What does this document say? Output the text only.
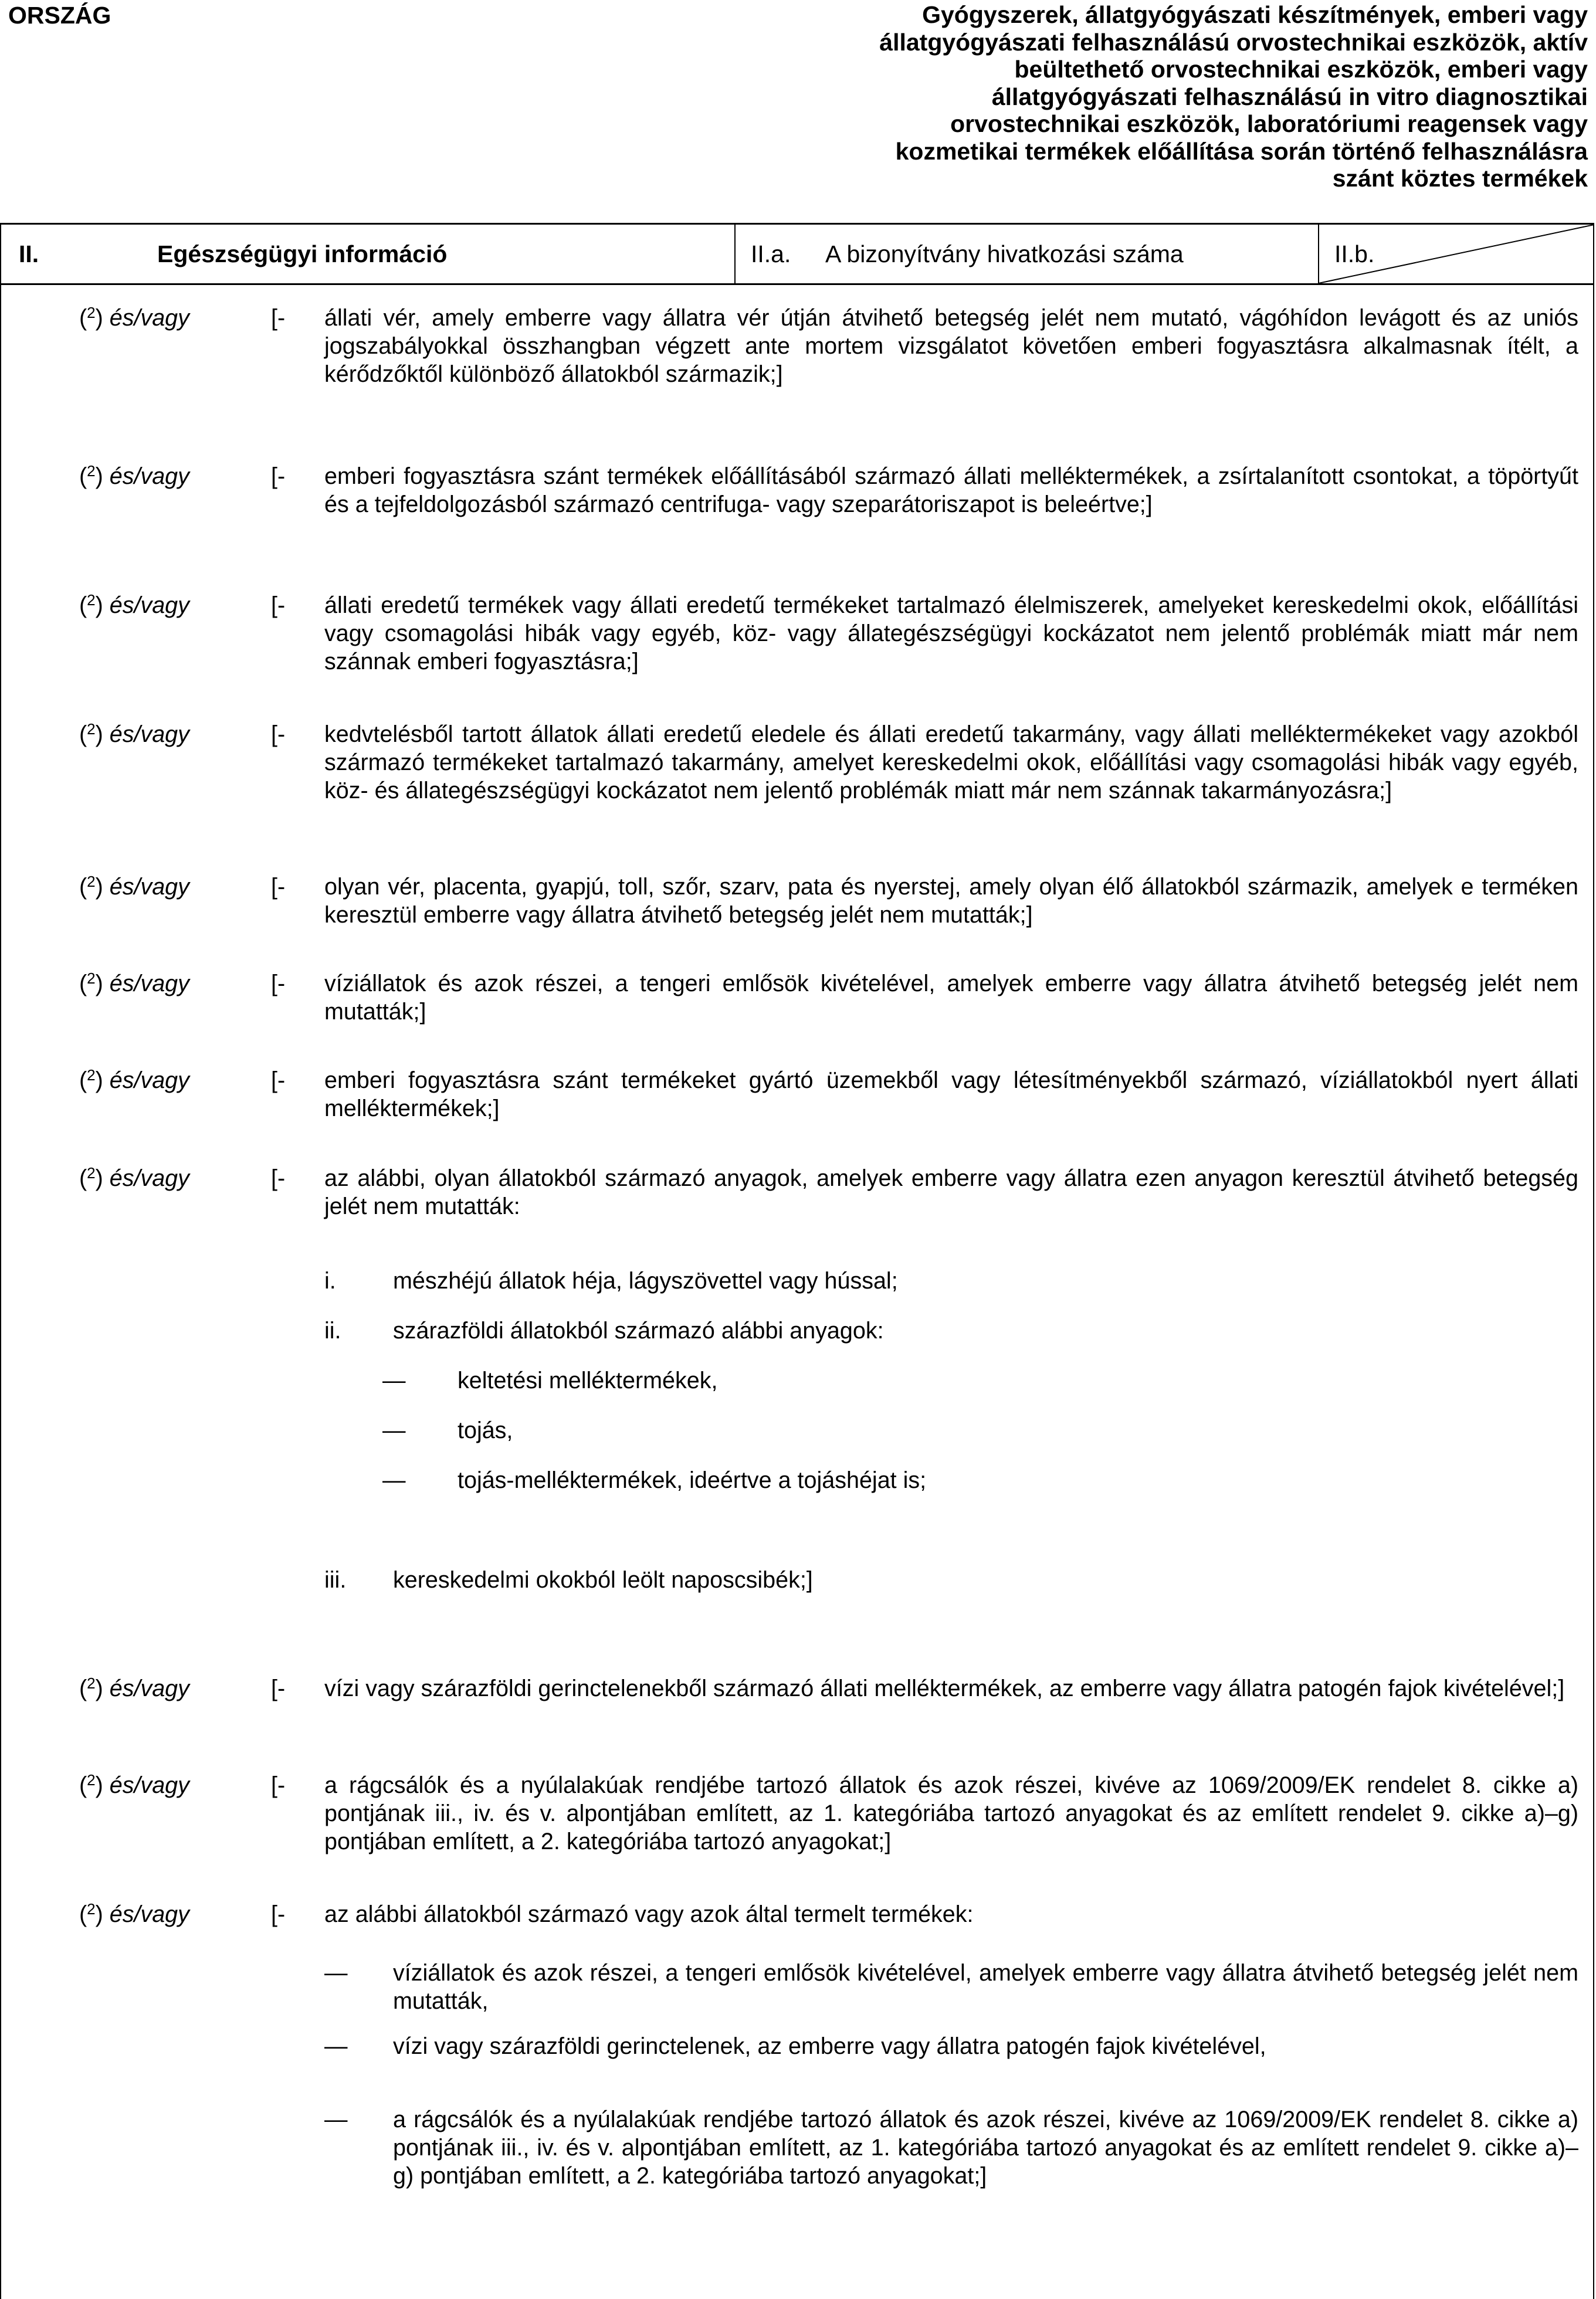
ORSZÁG	Gyógyszerek, állatgyógyászati készítmények, emberi vagy
állatgyógyászati felhasználású orvostechnikai eszközök, aktív
beültethető orvostechnikai eszközök, emberi vagy
állatgyógyászati felhasználású in vitro diagnosztikai
orvostechnikai eszközök, laboratóriumi reagensek vagy
kozmetikai termékek előállítása során történő felhasználásra
szánt köztes termékek
II.	Egészségügyi információ	II.a. A bizonyítvány hivatkozási száma	II.b.
($^2$) és/vagy	[- állati vér, amely emberre vagy állatra vér útján átvihető betegség jelét nem mutató, vágóhídon levágott és az uniós jogszabályokkal összhangban végzett ante mortem vizsgálatot követően emberi fogyasztásra alkalmasnak ítélt, a kérődzőktől különböző állatokból származik;]
($^2$) és/vagy	[- emberi fogyasztásra szánt termékek előállításából származó állati melléktermékek, a zsírtalanított csontokat, a töpörtyűt és a tejfeldolgozásból származó centrifuga- vagy szeparátoriszapot is beleértve;]
($^2$) és/vagy	[- állati eredetű termékek vagy állati eredetű termékeket tartalmazó élelmiszerek, amelyeket kereskedelmi okok, előállítási vagy csomagolási hibák vagy egyéb, köz- vagy állategészségügyi kockázatot nem jelentő problémák miatt már nem szánnak emberi fogyasztásra;]
($^2$) és/vagy	[- kedvtelésből tartott állatok állati eredetű eledele és állati eredetű takarmány, vagy állati melléktermékeket vagy azokból származó termékeket tartalmazó takarmány, amelyet kereskedelmi okok, előállítási vagy csomagolási hibák vagy egyéb, köz- és állategészségügyi kockázatot nem jelentő problémák miatt már nem szánnak takarmányozásra;]
($^2$) és/vagy	[- olyan vér, placenta, gyapjú, toll, szőr, szarv, pata és nyerstej, amely olyan élő állatokból származik, amelyek e terméken keresztül emberre vagy állatra átvihető betegség jelét nem mutatták;]
($^2$) és/vagy	[- víziállatok és azok részei, a tengeri emlősök kivételével, amelyek emberre vagy állatra átvihető betegség jelét nem mutatták;]
($^2$) és/vagy	[- emberi fogyasztásra szánt termékeket gyártó üzemekből vagy létesítményekből származó, víziállatokból nyert állati melléktermékek;]
($^2$) és/vagy	[- az alábbi, olyan állatokból származó anyagok, amelyek emberre vagy állatra ezen anyagon keresztül átvihető betegség jelét nem mutatták:
i. mészhéjú állatok héja, lágyszövettel vagy hússal;
ii. szárazföldi állatokból származó alábbi anyagok:
— keltetési melléktermékek,
— tojás,
— tojás-melléktermékek, ideértve a tojáshéjat is;
iii. kereskedelmi okokból leölt naposcsibék;]
($^2$) és/vagy	[- vízi vagy szárazföldi gerinctelenekből származó állati melléktermékek, az emberre vagy állatra patogén fajok kivételével;]
($^2$) és/vagy	[- a rágcsálók és a nyúlalakúak rendjébe tartozó állatok és azok részei, kivéve az 1069/2009/EK rendelet 8. cikke a) pontjának iii., iv. és v. alpontjában említett, az 1. kategóriába tartozó anyagokat és az említett rendelet 9. cikke a)–g) pontjában említett, a 2. kategóriába tartozó anyagokat;]
($^2$) és/vagy	[- az alábbi állatokból származó vagy azok által termelt termékek:
— víziállatok és azok részei, a tengeri emlősök kivételével, amelyek emberre vagy állatra átvihető betegség jelét nem mutatták,
— vízi vagy szárazföldi gerinctelenek, az emberre vagy állatra patogén fajok kivételével,
— a rágcsálók és a nyúlalakúak rendjébe tartozó állatok és azok részei, kivéve az 1069/2009/EK rendelet 8. cikke a) pontjának iii., iv. és v. alpontjában említett, az 1. kategóriába tartozó anyagokat és az említett rendelet 9. cikke a)–g) pontjában említett, a 2. kategóriába tartozó anyagokat;]
